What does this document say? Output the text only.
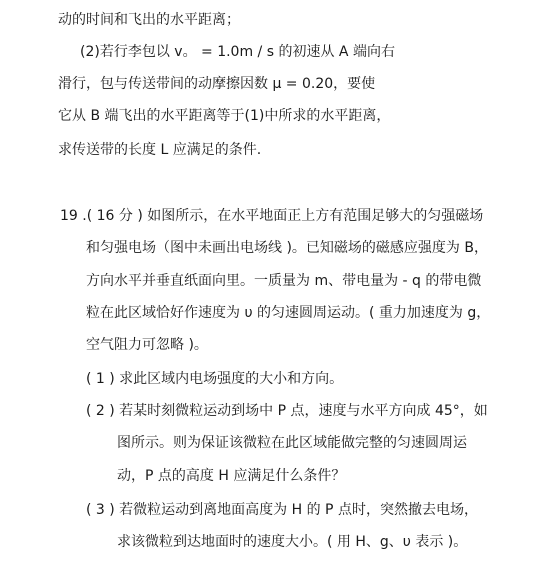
动的时间和飞出的水平距离；
(2)若行李包以 v。 = 1.0m / s 的初速从 A 端向右
滑行，包与传送带间的动摩擦因数 μ = 0.20，要使
它从 B 端飞出的水平距离等于(1)中所求的水平距离，
求传送带的长度 L 应满足的条件.
19 .( 16 分 ) 如图所示，在水平地面正上方有范围足够大的匀强磁场
和匀强电场（图中未画出电场线 )。已知磁场的磁感应强度为 B，
方向水平并垂直纸面向里。一质量为 m、带电量为 - q 的带电微
粒在此区域恰好作速度为 υ 的匀速圆周运动。( 重力加速度为 g，
空气阻力可忽略 )。
( 1 ) 求此区域内电场强度的大小和方向。
( 2 ) 若某时刻微粒运动到场中 P 点，速度与水平方向成 45°，如
图所示。则为保证该微粒在此区域能做完整的匀速圆周运
动，P 点的高度 H 应满足什么条件？
( 3 ) 若微粒运动到离地面高度为 H 的 P 点时，突然撤去电场，
求该微粒到达地面时的速度大小。( 用 H、g、υ 表示 )。
